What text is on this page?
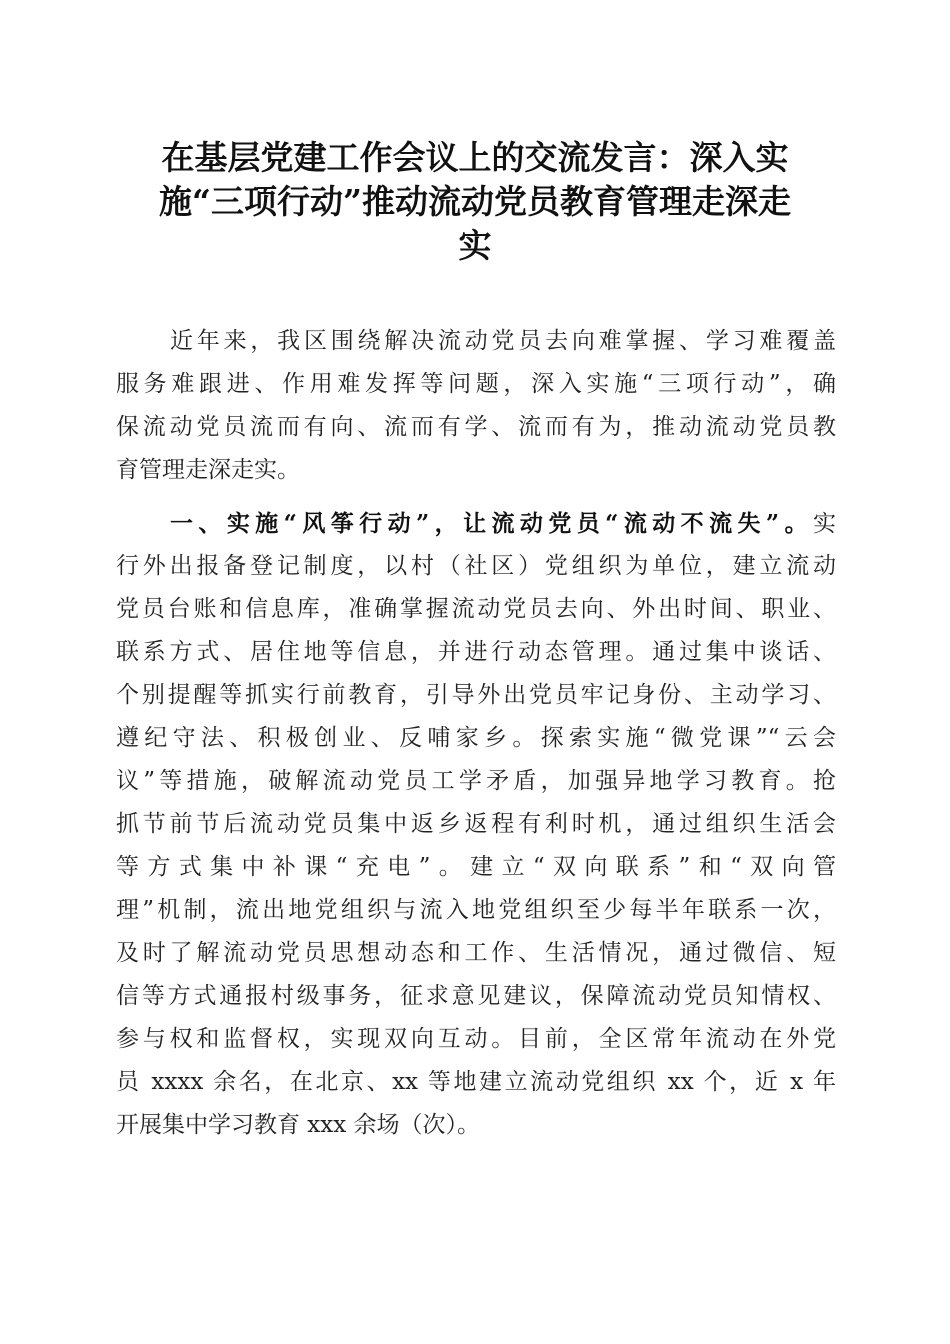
在基层党建工作会议上的交流发言：深入实
施“三项行动”推动流动党员教育管理走深走
实
近年来，我区围绕解决流动党员去向难掌握、学习难覆盖
服务难跟进、作用难发挥等问题，深入实施“三项行动”，确
保流动党员流而有向、流而有学、流而有为，推动流动党员教
育管理走深走实。
一、实施“风筝行动”，让流动党员“流动不流失”。实
行外出报备登记制度，以村（社区）党组织为单位，建立流动
党员台账和信息库，准确掌握流动党员去向、外出时间、职业、
联系方式、居住地等信息，并进行动态管理。通过集中谈话、
个别提醒等抓实行前教育，引导外出党员牢记身份、主动学习、
遵纪守法、积极创业、反哺家乡。探索实施“微党课”“云会
议”等措施，破解流动党员工学矛盾，加强异地学习教育。抢
抓节前节后流动党员集中返乡返程有利时机，通过组织生活会
等方式集中补课“充电”。建立“双向联系”和“双向管
理”机制，流出地党组织与流入地党组织至少每半年联系一次，
及时了解流动党员思想动态和工作、生活情况，通过微信、短
信等方式通报村级事务，征求意见建议，保障流动党员知情权、
参与权和监督权，实现双向互动。目前，全区常年流动在外党
员 xxxx 余名，在北京、xx 等地建立流动党组织 xx 个，近 x 年
开展集中学习教育 xxx 余场（次）。
